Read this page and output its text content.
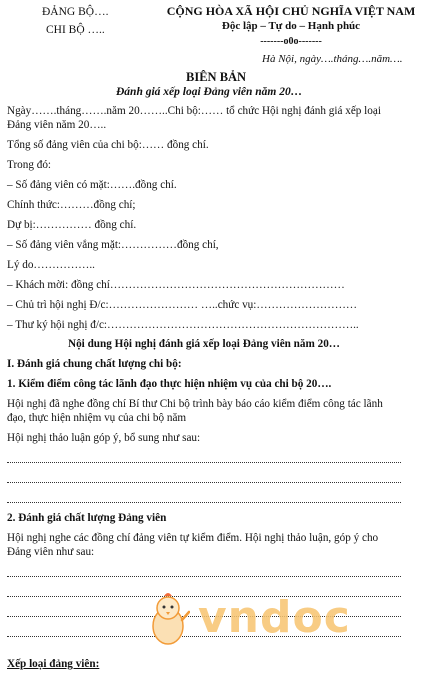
ĐẢNG BỘ….
CHI BỘ …..
CỘNG HÒA XÃ HỘI CHỦ NGHĨA VIỆT NAM
Độc lập – Tự do – Hạnh phúc
-------o0o-------
Hà Nội, ngày….tháng….năm….
BIÊN BẢN
Đánh giá xếp loại Đảng viên năm 20…
Ngày…….tháng…….năm 20……..Chi bộ:…… tổ chức Hội nghị đánh giá xếp loại
Đảng viên năm 20…..
Tổng số đảng viên của chi bộ:…… đồng chí.
Trong đó:
– Số đảng viên có mặt:…….đồng chí.
Chính thức:………đồng chí;
Dự bị:…………… đồng chí.
– Số đảng viên vắng mặt:……………đồng chí,
Lý do……………..
– Khách mời: đồng chí………………………………………………………
– Chủ trì hội nghị Đ/c:…………………… …..chức vụ:………………………
– Thư ký hội nghị đ/c:…………………………………………………………..
Nội dung Hội nghị đánh giá xếp loại Đảng viên năm 20…
I. Đánh giá chung chất lượng chi bộ:
1. Kiểm điểm công tác lãnh đạo thực hiện nhiệm vụ của chi bộ 20….
Hội nghị đã nghe đồng chí Bí thư Chi bộ trình bày báo cáo kiểm điểm công tác lãnh
đạo, thực hiện nhiệm vụ của chi bộ năm
Hội nghị thảo luận góp ý, bổ sung như sau:
2. Đánh giá chất lượng Đảng viên
Hội nghị nghe các đồng chí đảng viên tự kiểm điểm. Hội nghị thảo luận, góp ý cho
Đảng viên như sau:
Xếp loại đảng viên:
vndoc
